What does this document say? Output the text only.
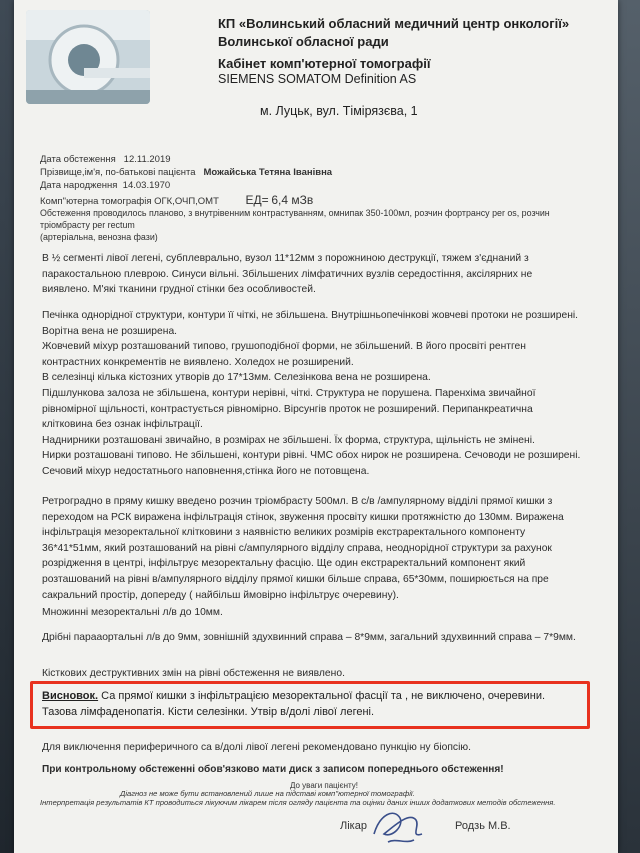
КП «Волинський обласний медичний центр онкології»
Волинської обласної ради
Кабінет комп'ютерної томографії
SIEMENS SOMATOM Definition AS
м. Луцьк, вул. Тімірязєва, 1
Дата обстеження 12.11.2019
Прізвище,ім'я, по-батькові пацієнта Можайська Тетяна Іванівна
Дата народження 14.03.1970
Комп''ютерна томографія ОГК,ОЧП,ОМТ ЕД= 6,4 мЗв
Обстеження проводилось планово, з внутрівенним контрастуванням, омнипак 350-100мл, розчин фортрансу per os, розчин
тріомбрасту per rectum
(артеріальна, венозна фази)
В ½ сегменті лівої легені, субплеврально, вузол 11*12мм з порожниною деструкції, тяжем з'єднаний з паракостальною плеврою. Синуси вільні. Збільшених лімфатичних вузлів середостіння, аксілярних не виявлено. М'які тканини грудної стінки без особливостей.
Печінка однорідної структури, контури її чіткі, не збільшена. Внутрішньопечінкові жовчеві протоки не розширені. Ворітна вена не розширена.
Жовчевий міхур розташований типово, грушоподібної форми, не збільшений. В його просвіті рентген контрастних конкрементів не виявлено. Холедох не розширений.
В селезінці кілька кістозних утворів до 17*13мм. Селезінкова вена не розширена.
Підшлункова залоза не збільшена, контури нерівні, чіткі. Структура не порушена. Паренхіма звичайної рівномірної щільності, контрастується рівномірно. Вірсунгів проток не розширений. Перипанкреатична клітковина без ознак інфільтрації.
Наднирники розташовані звичайно, в розмірах не збільшені. Їх форма, структура, щільність не змінені.
Нирки розташовані типово. Не збільшені, контури рівні. ЧМС обох нирок не розширена. Сечоводи не розширені.
Сечовий міхур недостатнього наповнення,стінка його не потовщена.
Ретроградно в пряму кишку введено розчин тріомбрасту 500мл. В с/в /ампулярному відділі прямої кишки з переходом на РСК виражена інфільтрація стінок, звуження просвіту кишки протяжністю до 130мм. Виражена інфільтрація мезоректальної клітковини з наявністю великих розмірів екстраректального компоненту 36*41*51мм, який розташований на рівні с/ампулярного відділу справа, неоднорідної структури за рахунок розрідження в центрі, інфільтрує мезоректальну фасцію. Ще один екстраректальний компонент який розташований на рівні в/ампулярного відділу прямої кишки більше справа, 65*30мм, поширюється на пре сакральний простір, допереду ( найбільш ймовірно інфільтрує очеревину).
Множинні мезоректальні л/в до 10мм.
Дрібні парааортальні л/в до 9мм, зовнішній здухвинний справа – 8*9мм, загальний здухвинний справа – 7*9мм.
Кісткових деструктивних змін на рівні обстеження не виявлено.
Висновок. Са прямої кишки з інфільтрацією мезоректальної фасції та , не виключено, очеревини. Тазова лімфаденопатія. Кісти селезінки. Утвір в/долі лівої легені.
Для виключення периферичного са в/долі лівої легені рекомендовано пункцію ну біопсію.
При контрольному обстеженні обов'язково мати диск з записом попереднього обстеження!
До уваги пацієнту!
Діагноз не може бути встановлений лише на підставі комп''ютерної томографії.
Інтерпретація результатів КТ проводиться лікуючим лікарем після огляду пацієнта та оцінки даних інших додаткових методів обстеження.
Лікар	Родзь М.В.
